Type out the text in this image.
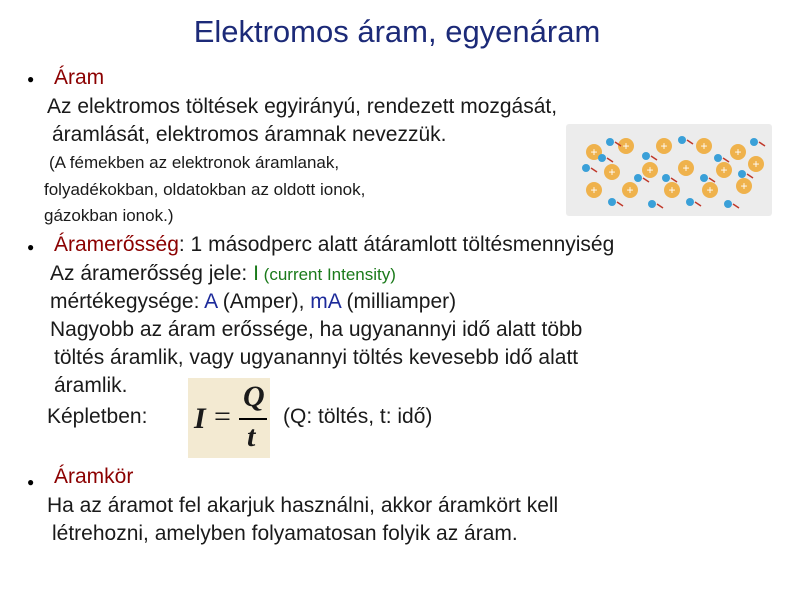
Elektromos áram, egyenáram
● Áram
Az elektromos töltések egyirányú, rendezett mozgását,
áramlását, elektromos áramnak nevezzük.
(A fémekben az elektronok áramlanak,
folyadékokban, oldatokban az oldott ionok,
gázokban ionok.)
+ +	+	+ +
+	+ +	+
+ +	+	+ +
+
● Áramerősség: 1 másodperc alatt átáramlott töltésmennyiség
Az áramerősség jele: I (current Intensity)
mértékegysége: A (Amper), mA (milliamper)
Nagyobb az áram erőssége, ha ugyanannyi idő alatt több
töltés áramlik, vagy ugyanannyi töltés kevesebb idő alatt
áramlik.
Képletben: I =
Q
t
(Q: töltés, t: idő)
● Áramkör
Ha az áramot fel akarjuk használni, akkor áramkört kell
létrehozni, amelyben folyamatosan folyik az áram.
